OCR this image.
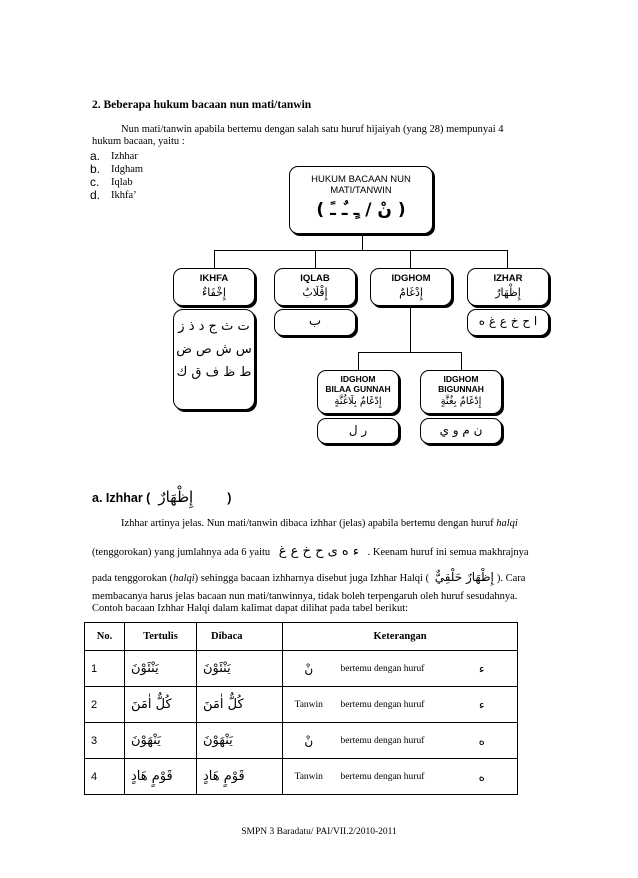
2. Beberapa hukum bacaan nun mati/tanwin
Nun mati/tanwin apabila bertemu dengan salah satu huruf hijaiyah (yang 28) mempunyai 4
hukum bacaan, yaitu :
a.	Izhhar
b.	Idgham
c.	Iqlab
d.	Ikhfa’
HUKUM BACAAN NUN
MATI/TANWIN
( نْ / ـٍ ـٌ ـً )
IKHFA
إِخْفَاءٌ
ت ث ج د ذ ز
س ش ص ض
ط ظ ف ق ك
IQLAB
إِقْلَابٌ
ب
IDGHOM
إِدْغَامٌ
IZHAR
إِظْهَارٌ
ا ح خ ع غ ه
IDGHOM
BILAA GUNNAH
إِدْغَامٌ بِلَاغُنَّةٍ
ر ل
IDGHOM
BIGUNNAH
إِدْغَامٌ بِغُنَّةٍ
ن م و ي
a. Izhhar ( إِظْهَارٌ	)
Izhhar artinya jelas. Nun mati/tanwin dibaca izhhar (jelas) apabila bertemu dengan huruf halqi
(tenggorokan) yang jumlahnya ada 6 yaitu ء ه ى ح خ ع غ . Keenam huruf ini semua makhrajnya
pada tenggorokan (halqi) sehingga bacaan izhharnya disebut juga Izhhar Halqi ( إِظْهَارٌ حَلْقِيٌّ ). Cara
membacanya harus jelas bacaan nun mati/tanwinnya, tidak boleh terpengaruh oleh huruf sesudahnya.
Contoh bacaan Izhhar Halqi dalam kalimat dapat dilihat pada tabel berikut:
No.	Tertulis	Dibaca	Keterangan		
1	يَنْئَوْنَ	يَنْئَوْنَ	نْ	bertemu dengan huruf	ء
2	كُلٌّ اٰمَنَ	كُلٌّ اٰمَنَ	Tanwin	bertemu dengan huruf	ء
3	يَنْهَوْنَ	يَنْهَوْنَ	نْ	bertemu dengan huruf	ه
4	قَوْمٍ هَادٍ	قَوْمٍ هَادٍ	Tanwin	bertemu dengan huruf	ه
SMPN 3 Baradatu/ PAI/VII.2/2010-2011
